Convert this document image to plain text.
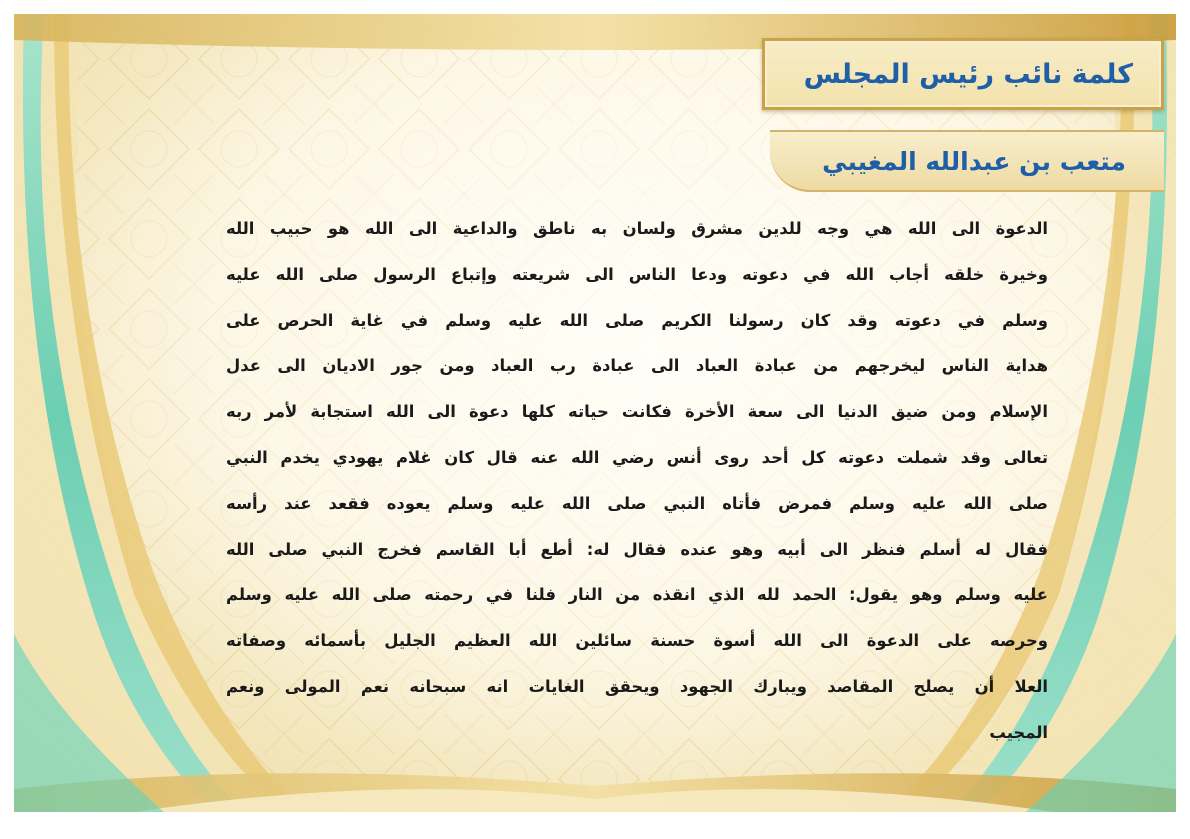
كلمة نائب رئيس المجلس
متعب بن عبدالله المغيبي
الدعوة الى الله هي وجه للدين مشرق ولسان به ناطق والداعية الى الله هو حبيب الله
وخيرة خلقه أجاب الله في دعوته ودعا الناس الى شريعته وإتباع الرسول صلى الله عليه
وسلم في دعوته وقد كان رسولنا الكريم صلى الله عليه وسلم في غاية الحرص على
هداية الناس ليخرجهم من عبادة العباد الى عبادة رب العباد ومن جور الاديان الى عدل
الإسلام ومن ضيق الدنيا الى سعة الأخرة فكانت حياته كلها دعوة الى الله استجابة لأمر ربه
تعالى وقد شملت دعوته كل أحد روى أنس رضي الله عنه قال كان غلام يهودي يخدم النبي
صلى الله عليه وسلم فمرض فأتاه النبي صلى الله عليه وسلم يعوده فقعد عند رأسه
فقال له أسلم فنظر الى أبيه وهو عنده فقال له: أطع أبا القاسم فخرج النبي صلى الله
عليه وسلم وهو يقول: الحمد لله الذي انقذه من النار فلنا في رحمته صلى الله عليه وسلم
وحرصه على الدعوة الى الله أسوة حسنة سائلين الله العظيم الجليل بأسمائه وصفاته
العلا أن يصلح المقاصد ويبارك الجهود ويحقق الغايات انه سبحانه نعم المولى ونعم
المجيب
